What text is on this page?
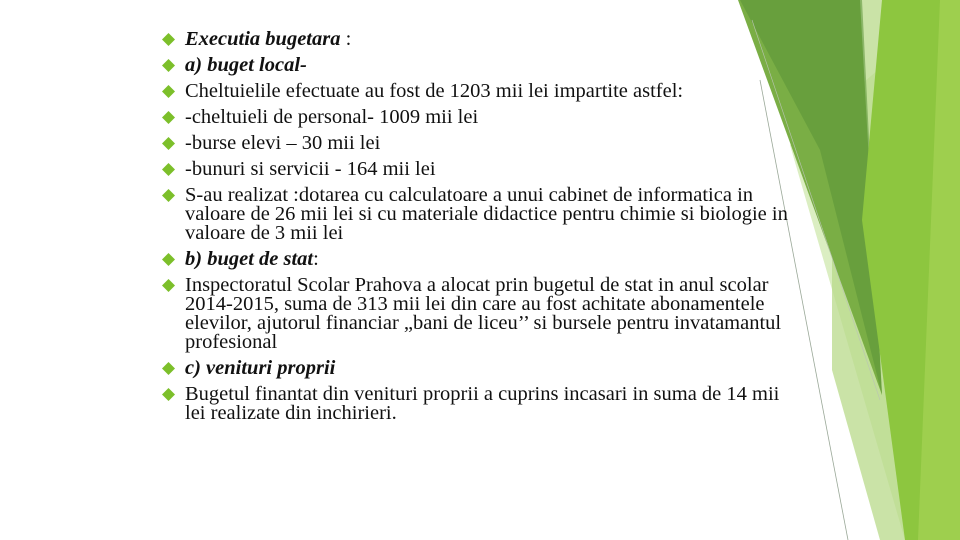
Executia bugetara :
a) buget local-
Cheltuielile efectuate au fost de 1203 mii lei impartite astfel:
-cheltuieli de personal- 1009 mii lei
-burse elevi – 30 mii lei
-bunuri si servicii - 164 mii lei
S-au realizat :dotarea cu calculatoare a unui cabinet de informatica in valoare de 26 mii lei si cu materiale didactice pentru chimie si biologie in valoare de 3 mii lei
b) buget de stat:
Inspectoratul Scolar Prahova a alocat prin bugetul de stat in anul scolar 2014-2015, suma de 313 mii lei din care au fost achitate abonamentele elevilor, ajutorul financiar „bani de liceu’’ si bursele pentru invatamantul profesional
c) venituri proprii
Bugetul finantat din venituri proprii a cuprins incasari in suma de 14 mii lei realizate din inchirieri.
